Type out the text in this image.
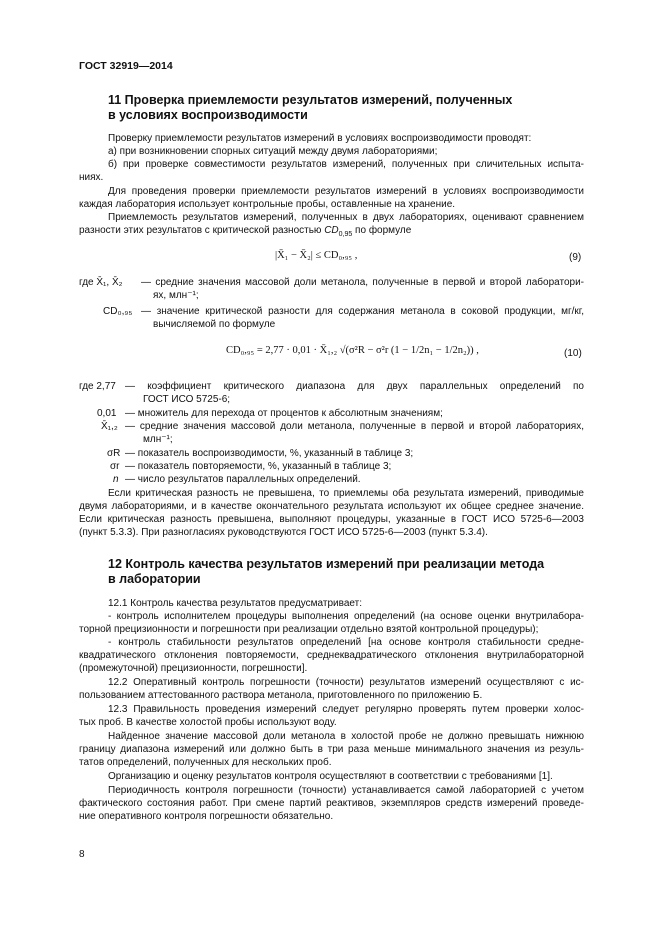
ГОСТ 32919—2014
11 Проверка приемлемости результатов измерений, полученных
в условиях воспроизводимости
Проверку приемлемости результатов измерений в условиях воспроизводимости проводят:
а) при возникновении спорных ситуаций между двумя лабораториями;
б) при проверке совместимости результатов измерений, полученных при сличительных испыта-
ниях.
Для проведения проверки приемлемости результатов измерений в условиях воспроизводимости
каждая лаборатория использует контрольные пробы, оставленные на хранение.
Приемлемость результатов измерений, полученных в двух лабораториях, оценивают сравнением
разности этих результатов с критической разностью $CD_{0,95}$ по формуле
|X̄₁ − X̄₂| ≤ CD₀,₉₅ ,	(9)
где X̄₁, X̄₂ — средние значения массовой доли метанола, полученные в первой и второй лаборатори-
ях, млн⁻¹;
CD₀,₉₅ — значение критической разности для содержания метанола в соковой продукции, мг/кг,
вычисляемой по формуле
CD₀,₉₅ = 2,77 · 0,01 · X̄₁,₂ √(σ²R − σ²r (1 − 1/2n₁ − 1/2n₂)) ,	(10)
где 2,77 — коэффициент критического диапазона для двух параллельных определений по
ГОСТ ИСО 5725-6;
0,01 — множитель для перехода от процентов к абсолютным значениям;
X̄₁,₂ — средние значения массовой доли метанола, полученные в первой и второй лабораториях,
млн⁻¹;
σR — показатель воспроизводимости, %, указанный в таблице 3;
σr — показатель повторяемости, %, указанный в таблице 3;
n — число результатов параллельных определений.
Если критическая разность не превышена, то приемлемы оба результата измерений, приводимые
двумя лабораториями, и в качестве окончательного результата используют их общее среднее значение.
Если критическая разность превышена, выполняют процедуры, указанные в ГОСТ ИСО 5725-6—2003
(пункт 5.3.3). При разногласиях руководствуются ГОСТ ИСО 5725-6—2003 (пункт 5.3.4).
12 Контроль качества результатов измерений при реализации метода
в лаборатории
12.1 Контроль качества результатов предусматривает:
- контроль исполнителем процедуры выполнения определений (на основе оценки внутрилабора-
торной прецизионности и погрешности при реализации отдельно взятой контрольной процедуры);
- контроль стабильности результатов определений [на основе контроля стабильности средне-
квадратического отклонения повторяемости, среднеквадратического отклонения внутрилабораторной
(промежуточной) прецизионности, погрешности].
12.2 Оперативный контроль погрешности (точности) результатов измерений осуществляют с ис-
пользованием аттестованного раствора метанола, приготовленного по приложению Б.
12.3 Правильность проведения измерений следует регулярно проверять путем проверки холос-
тых проб. В качестве холостой пробы используют воду.
Найденное значение массовой доли метанола в холостой пробе не должно превышать нижнюю
границу диапазона измерений или должно быть в три раза меньше минимального значения из резуль-
татов определений, полученных для нескольких проб.
Организацию и оценку результатов контроля осуществляют в соответствии с требованиями [1].
Периодичность контроля погрешности (точности) устанавливается самой лабораторией с учетом
фактического состояния работ. При смене партий реактивов, экземпляров средств измерений проведе-
ние оперативного контроля погрешности обязательно.
8
